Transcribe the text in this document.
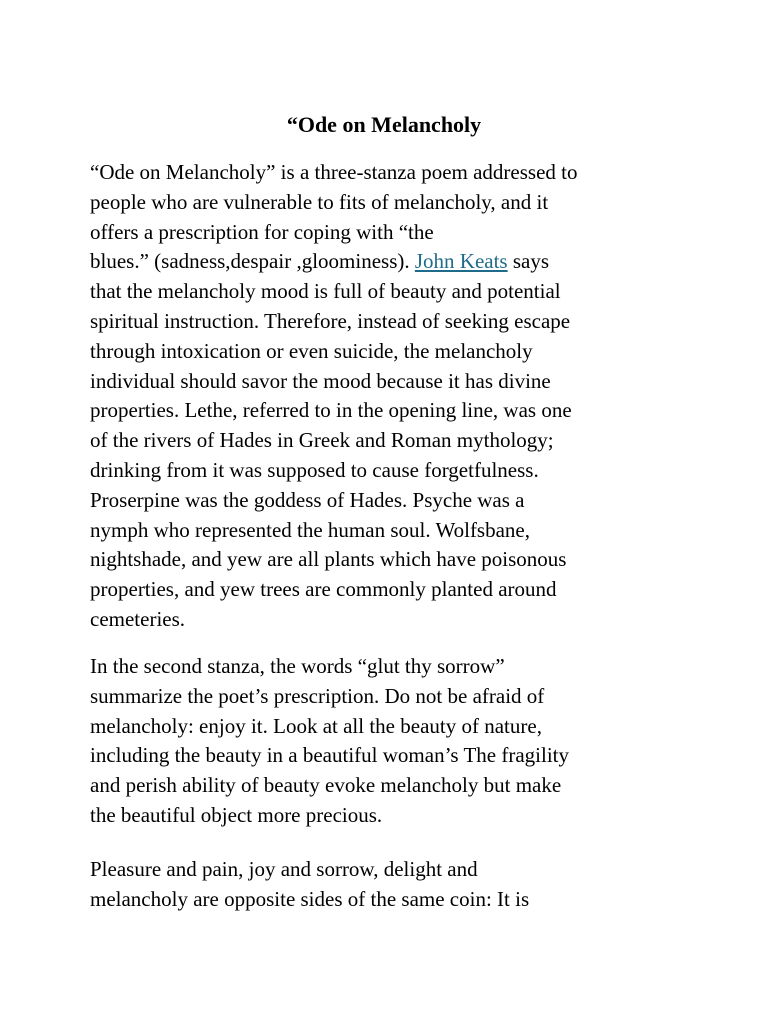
“Ode on Melancholy

“Ode on Melancholy” is a three-stanza poem addressed to
people who are vulnerable to fits of melancholy, and it
offers a prescription for coping with “the
blues.” (sadness,despair ,gloominess). John Keats says
that the melancholy mood is full of beauty and potential
spiritual instruction. Therefore, instead of seeking escape
through intoxication or even suicide, the melancholy
individual should savor the mood because it has divine
properties. Lethe, referred to in the opening line, was one
of the rivers of Hades in Greek and Roman mythology;
drinking from it was supposed to cause forgetfulness.
Proserpine was the goddess of Hades. Psyche was a
nymph who represented the human soul. Wolfsbane,
nightshade, and yew are all plants which have poisonous
properties, and yew trees are commonly planted around
cemeteries.

In the second stanza, the words “glut thy sorrow”
summarize the poet’s prescription. Do not be afraid of
melancholy: enjoy it. Look at all the beauty of nature,
including the beauty in a beautiful woman’s The fragility
and perish ability of beauty evoke melancholy but make
the beautiful object more precious.

Pleasure and pain, joy and sorrow, delight and
melancholy are opposite sides of the same coin: It is
